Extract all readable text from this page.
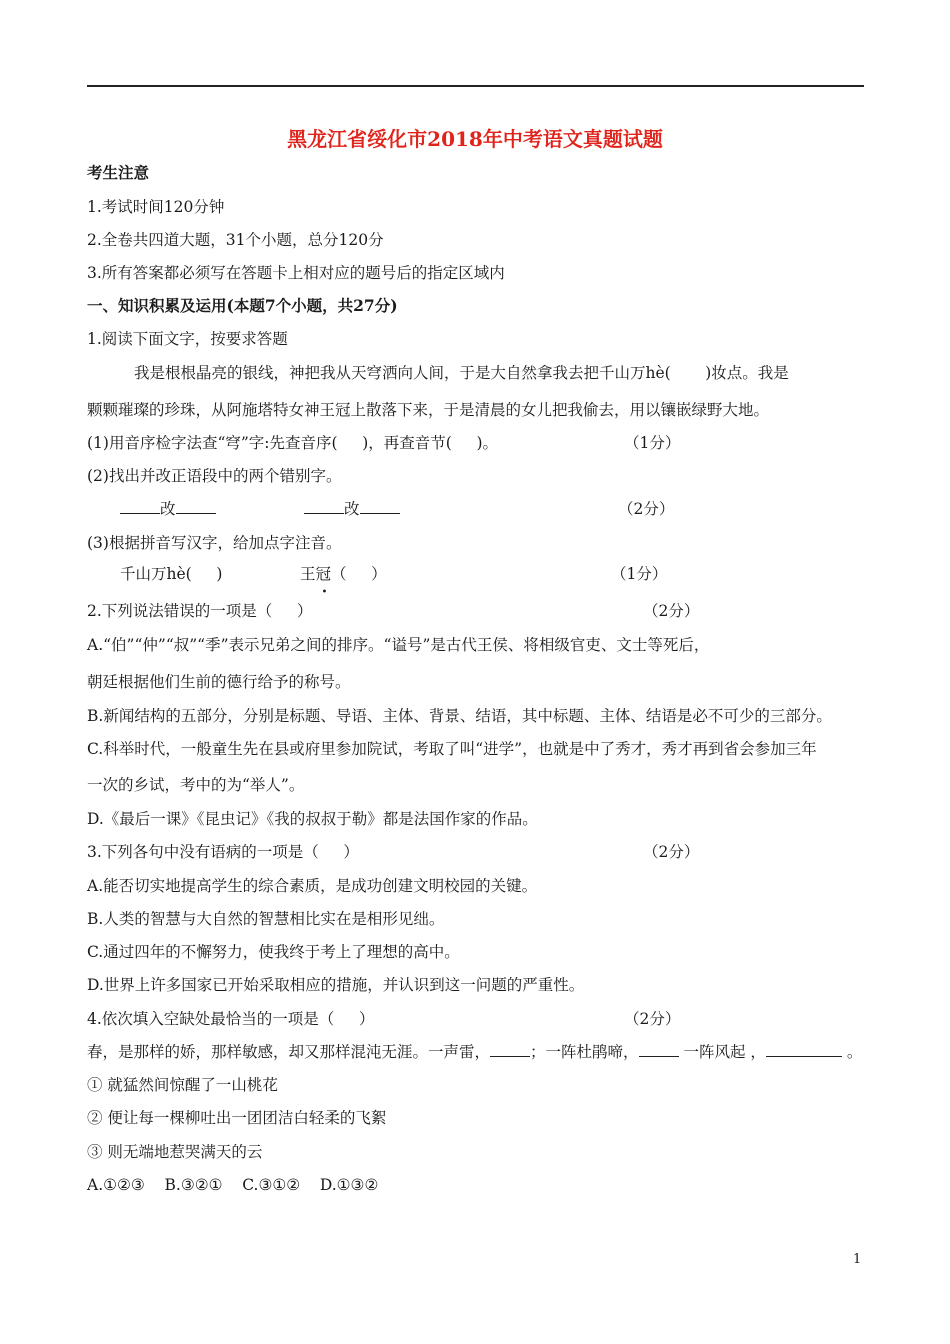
黑龙江省绥化市2018年中考语文真题试题
考生注意
1.考试时间120分钟
2.全卷共四道大题，31个小题，总分120分
3.所有答案都必须写在答题卡上相对应的题号后的指定区域内
一、知识积累及运用(本题7个小题，共27分)
1.阅读下面文字，按要求答题
我是根根晶亮的银线，神把我从天穹洒向人间，于是大自然拿我去把千山万hè(       )妆点。我是
颗颗璀璨的珍珠，从阿施塔特女神王冠上散落下来，于是清晨的女儿把我偷去，用以镶嵌绿野大地。
(1)用音序检字法查“穹”字:先查音序(     )，再查音节(     )。	（1分）
(2)找出并改正语段中的两个错别字。
改	改	（2分）
(3)根据拼音写汉字，给加点字注音。
千山万hè(     )	王冠
•
（     ）	（1分）
2.下列说法错误的一项是（     ）	（2分）
A.“伯”“仲”“叔”“季”表示兄弟之间的排序。“谥号”是古代王侯、将相级官吏、文士等死后，
朝廷根据他们生前的德行给予的称号。
B.新闻结构的五部分，分别是标题、导语、主体、背景、结语，其中标题、主体、结语是必不可少的三部分。
C.科举时代，一般童生先在县或府里参加院试，考取了叫“进学”，也就是中了秀才，秀才再到省会参加三年
一次的乡试，考中的为“举人”。
D.《最后一课》《昆虫记》《我的叔叔于勒》都是法国作家的作品。
3.下列各句中没有语病的一项是（     ）	（2分）
A.能否切实地提高学生的综合素质，是成功创建文明校园的关键。
B.人类的智慧与大自然的智慧相比实在是相形见绌。
C.通过四年的不懈努力，使我终于考上了理想的高中。
D.世界上许多国家已开始采取相应的措施，并认识到这一问题的严重性。
4.依次填入空缺处最恰当的一项是（     ）	（2分）
春，是那样的娇，那样敏感，却又那样混沌无涯。一声雷，	；一阵杜鹃啼，	一阵风起 ，	。
① 就猛然间惊醒了一山桃花
② 便让每一棵柳吐出一团团洁白轻柔的飞絮
③ 则无端地惹哭满天的云
A.①②③    B.③②①    C.③①②    D.①③②
1
